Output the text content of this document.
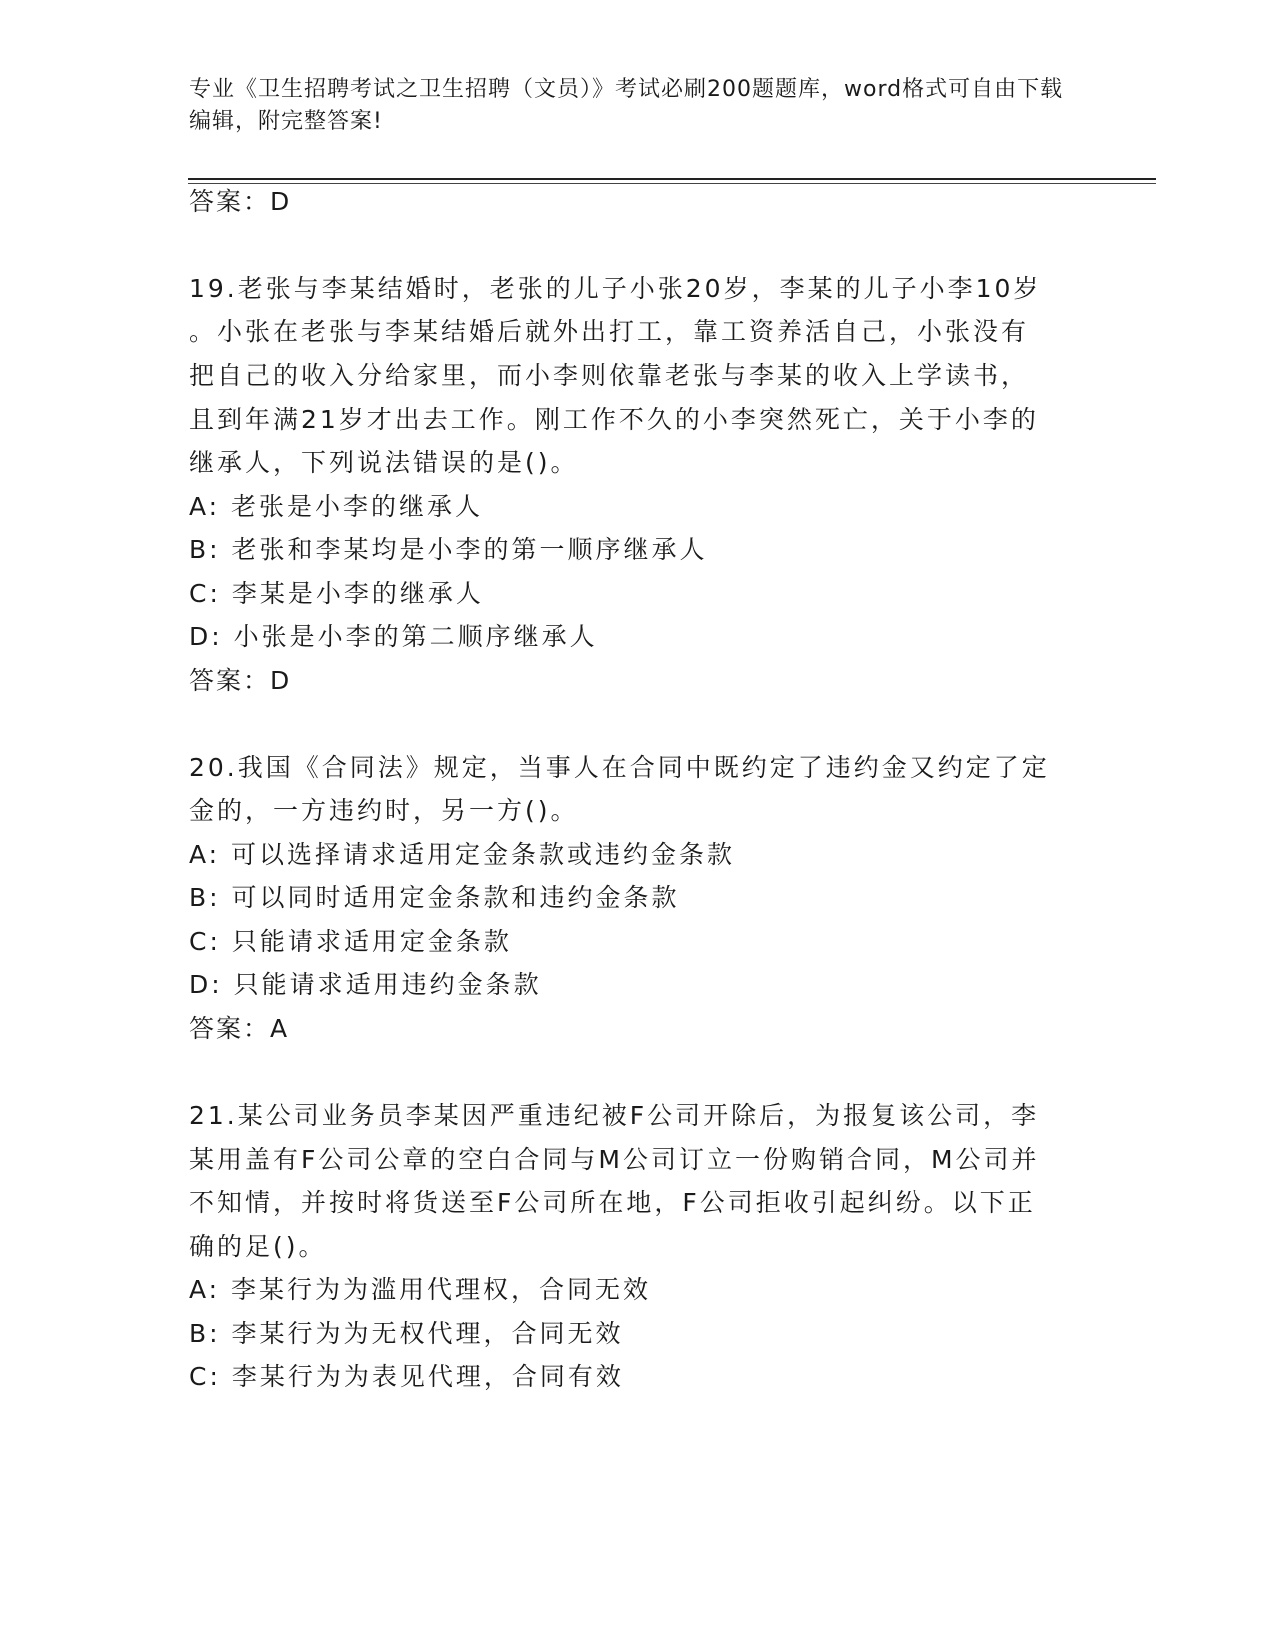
专业《卫生招聘考试之卫生招聘（文员）》考试必刷200题题库，word格式可自由下载编辑，附完整答案!
答案：D
19.老张与李某结婚时，老张的儿子小张20岁，李某的儿子小李10岁
。小张在老张与李某结婚后就外出打工，靠工资养活自己，小张没有
把自己的收入分给家里，而小李则依靠老张与李某的收入上学读书，
且到年满21岁才出去工作。刚工作不久的小李突然死亡，关于小李的
继承人，下列说法错误的是()。
A: 老张是小李的继承人
B: 老张和李某均是小李的第一顺序继承人
C: 李某是小李的继承人
D: 小张是小李的第二顺序继承人
答案：D
20.我国《合同法》规定，当事人在合同中既约定了违约金又约定了定
金的，一方违约时，另一方()。
A: 可以选择请求适用定金条款或违约金条款
B: 可以同时适用定金条款和违约金条款
C: 只能请求适用定金条款
D: 只能请求适用违约金条款
答案：A
21.某公司业务员李某因严重违纪被F公司开除后，为报复该公司，李
某用盖有F公司公章的空白合同与M公司订立一份购销合同，M公司并
不知情，并按时将货送至F公司所在地，F公司拒收引起纠纷。以下正
确的足()。
A: 李某行为为滥用代理权，合同无效
B: 李某行为为无权代理，合同无效
C: 李某行为为表见代理，合同有效
